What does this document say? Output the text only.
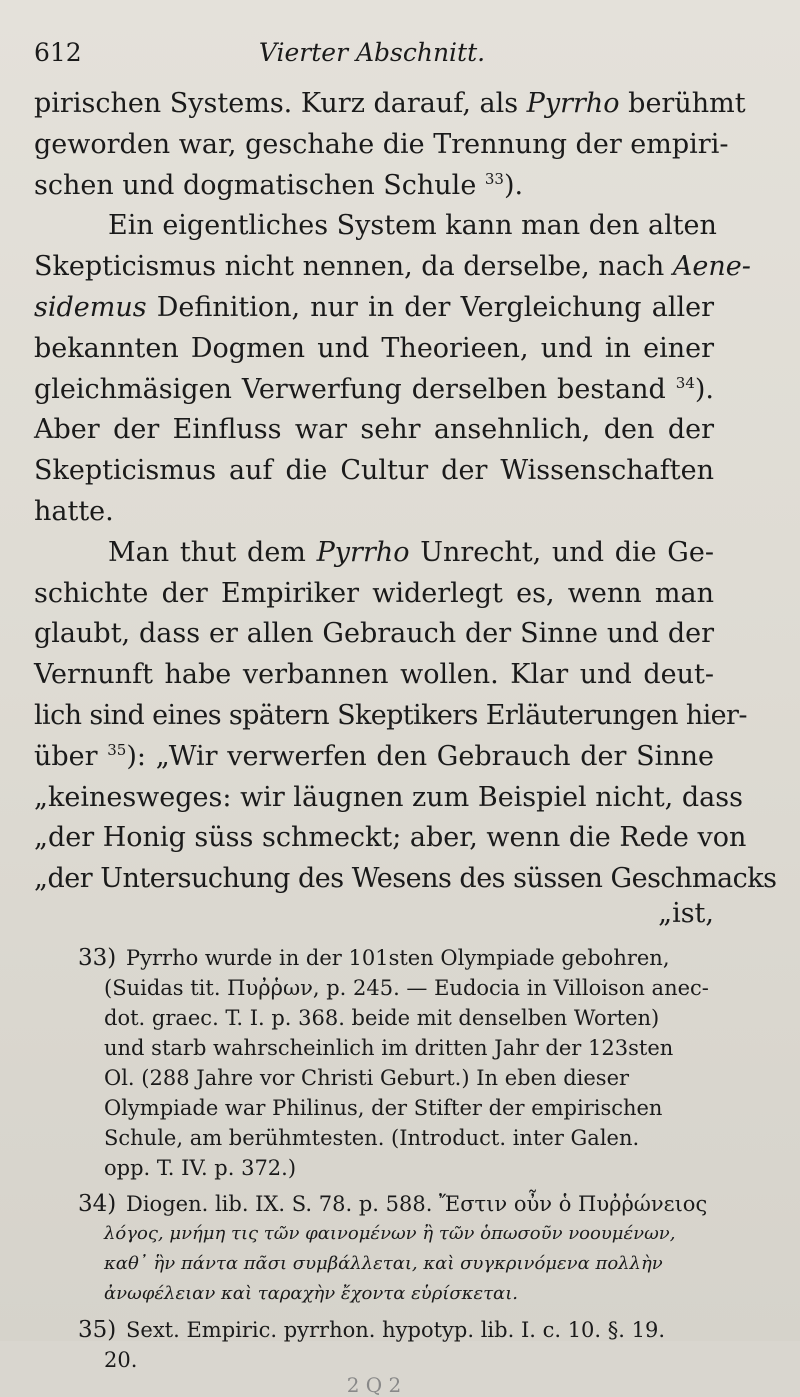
612	Vierter Abschnitt.

pirischen Systems. Kurz darauf, als Pyrrho berühmt
geworden war, geschahe die Trennung der empiri-
schen und dogmatischen Schule $^{33}$).

Ein eigentliches System kann man den alten
Skepticismus nicht nennen, da derselbe, nach Aene-
sidemus Definition, nur in der Vergleichung aller
bekannten Dogmen und Theorieen, und in einer
gleichmäsigen Verwerfung derselben bestand $^{34}$).
Aber der Einfluss war sehr ansehnlich, den der
Skepticismus auf die Cultur der Wissenschaften
hatte.

Man thut dem Pyrrho Unrecht, und die Ge-
schichte der Empiriker widerlegt es, wenn man
glaubt, dass er allen Gebrauch der Sinne und der
Vernunft habe verbannen wollen. Klar und deut-
lich sind eines spätern Skeptikers Erläuterungen hier-
über $^{35}$): „Wir verwerfen den Gebrauch der Sinne
„keinesweges: wir läugnen zum Beispiel nicht, dass
„der Honig süss schmeckt; aber, wenn die Rede von
„der Untersuchung des Wesens des süssen Geschmacks

„ist,
33) Pyrrho wurde in der 101sten Olympiade gebohren,
(Suidas tit. Πυῤῥων, p. 245. — Eudocia in Villoison anec-
dot. graec. T. I. p. 368. beide mit denselben Worten)
und starb wahrscheinlich im dritten Jahr der 123sten
Ol. (288 Jahre vor Christi Geburt.) In eben dieser
Olympiade war Philinus, der Stifter der empirischen
Schule, am berühmtesten. (Introduct. inter Galen.
opp. T. IV. p. 372.)
34) Diogen. lib. IX. S. 78. p. 588. Ἔστιν οὖν ὁ Πυῤῥώνειος
λόγος, μνήμη τις τῶν φαινομένων ἢ τῶν ὁπωσοῦν νοουμένων,
καθ᾿ ἣν πάντα πᾶσι συμβάλλεται, καὶ συγκρινόμενα πολλὴν
ἀνωφέλειαν καὶ ταραχὴν ἔχοντα εὑρίσκεται.
35) Sext. Empiric. pyrrhon. hypotyp. lib. I. c. 10. §. 19.
20.
2 Q 2
